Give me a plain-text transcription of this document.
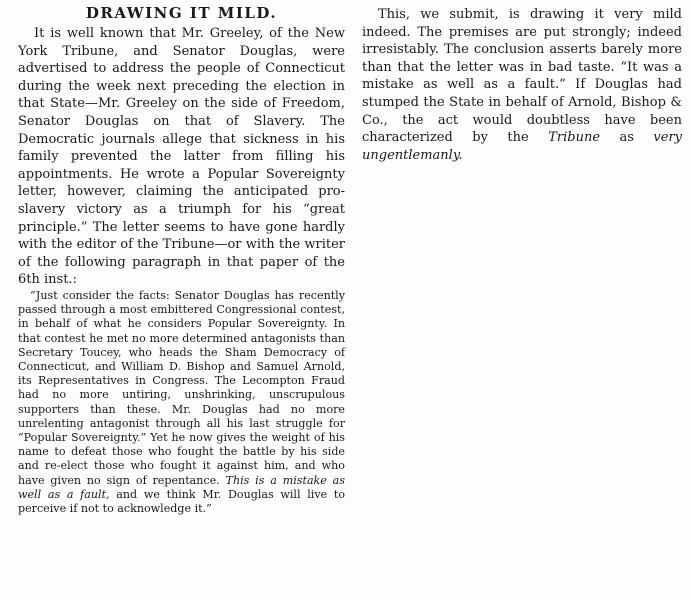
DRAWING IT MILD.

It is well known that Mr. Greeley, of the New York Tribune, and Senator Douglas, were advertised to address the people of Connecticut during the week next preceding the election in that State—Mr. Greeley on the side of Freedom, Senator Douglas on that of Slavery. The Democratic journals allege that sickness in his family prevented the latter from filling his appointments. He wrote a Popular Sovereignty letter, however, claiming the anticipated pro-slavery victory as a triumph for his “great principle.” The letter seems to have gone hardly with the editor of the Tribune—or with the writer of the following paragraph in that paper of the 6th inst.:

“Just consider the facts: Senator Douglas has recently passed through a most embittered Congressional contest, in behalf of what he considers Popular Sovereignty. In that contest he met no more determined antagonists than Secretary Toucey, who heads the Sham Democracy of Connecticut, and William D. Bishop and Samuel Arnold, its Representatives in Congress. The Lecompton Fraud had no more untiring, unshrinking, unscrupulous supporters than these. Mr. Douglas had no more unrelenting antagonist through all his last struggle for “Popular Sovereignty.” Yet he now gives the weight of his name to defeat those who fought the battle by his side and re-elect those who fought it against him, and who have given no sign of repentance. This is a mistake as well as a fault, and we think Mr. Douglas will live to perceive if not to acknowledge it.”

This, we submit, is drawing it very mild indeed. The premises are put strongly; indeed irresistably. The conclusion asserts barely more than that the letter was in bad taste. “It was a mistake as well as a fault.” If Douglas had stumped the State in behalf of Arnold, Bishop & Co., the act would doubtless have been characterized by the Tribune as very ungentlemanly.
